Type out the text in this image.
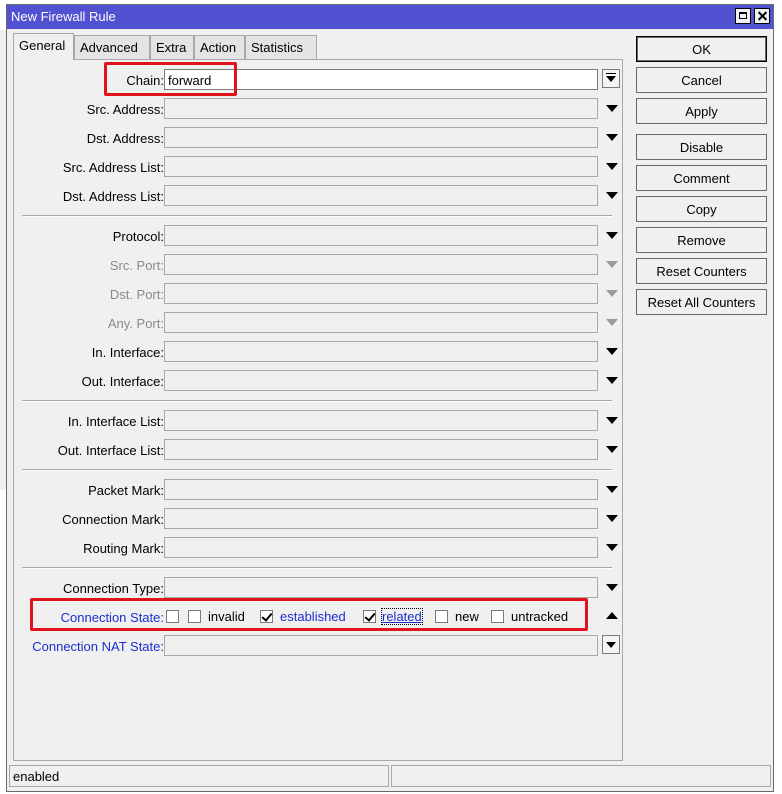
New Firewall Rule
General	Advanced	Extra	Action	Statistics
Chain: forward
Src. Address:
Dst. Address:
Src. Address List:
Dst. Address List:
Protocol:
Src. Port:
Dst. Port:
Any. Port:
In. Interface:
Out. Interface:
In. Interface List:
Out. Interface List:
Packet Mark:
Connection Mark:
Routing Mark:
Connection Type:
Connection State:	invalid	established	related	new untracked
Connection NAT State:
OK
Cancel
Apply
Disable
Comment
Copy
Remove
Reset Counters
Reset All Counters
enabled
